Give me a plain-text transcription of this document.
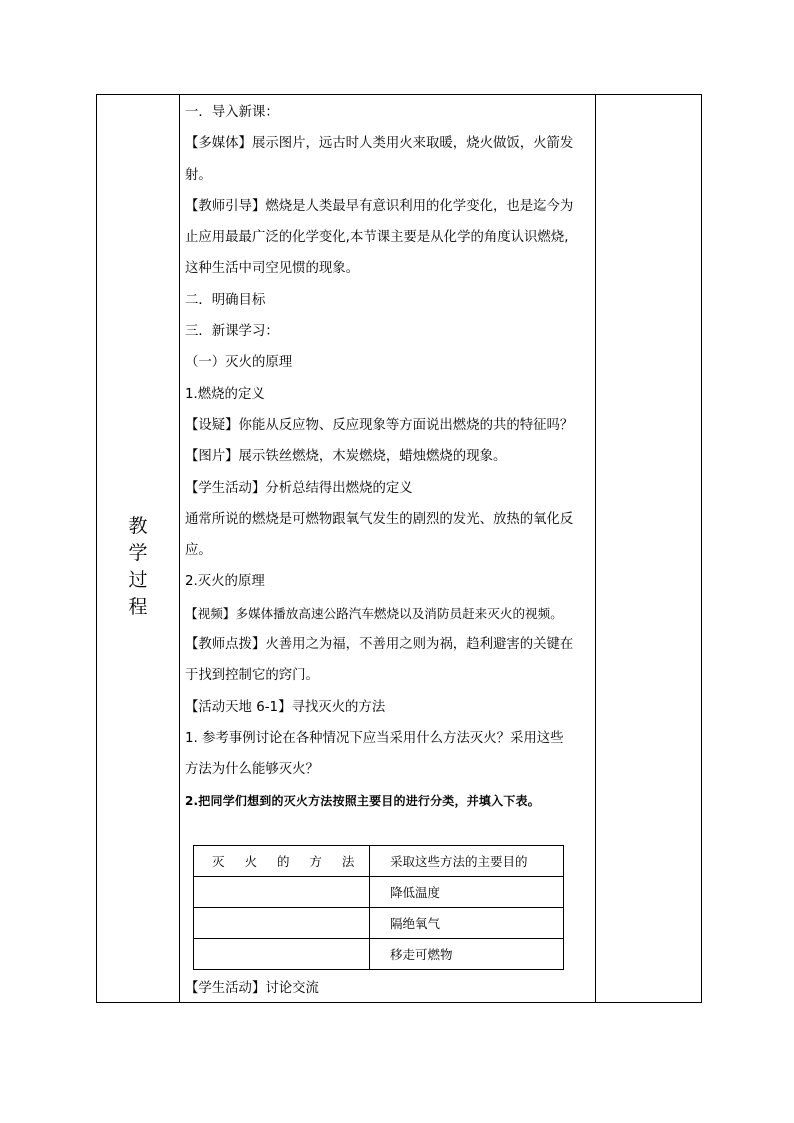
教
学
过
程
一．导入新课：
【多媒体】展示图片，远古时人类用火来取暖，烧火做饭，火箭发
射。
【教师引导】燃烧是人类最早有意识利用的化学变化，也是迄今为
止应用最最广泛的化学变化,本节课主要是从化学的角度认识燃烧,
这种生活中司空见惯的现象。
二．明确目标
三．新课学习：
（一）灭火的原理
1.燃烧的定义
【设疑】你能从反应物、反应现象等方面说出燃烧的共的特征吗？
【图片】展示铁丝燃烧，木炭燃烧，蜡烛燃烧的现象。
【学生活动】分析总结得出燃烧的定义
通常所说的燃烧是可燃物跟氧气发生的剧烈的发光、放热的氧化反
应。
2.灭火的原理
【视频】多媒体播放高速公路汽车燃烧以及消防员赶来灭火的视频。
【教师点拨】火善用之为福，不善用之则为祸，趋利避害的关键在
于找到控制它的窍门。
【活动天地 6-1】寻找灭火的方法
1. 参考事例讨论在各种情况下应当采用什么方法灭火？采用这些
方法为什么能够灭火？
2.把同学们想到的灭火方法按照主要目的进行分类，并填入下表。
灭 火 的 方 法	采取这些方法的主要目的
	降低温度
	隔绝氧气
	移走可燃物
【学生活动】讨论交流
